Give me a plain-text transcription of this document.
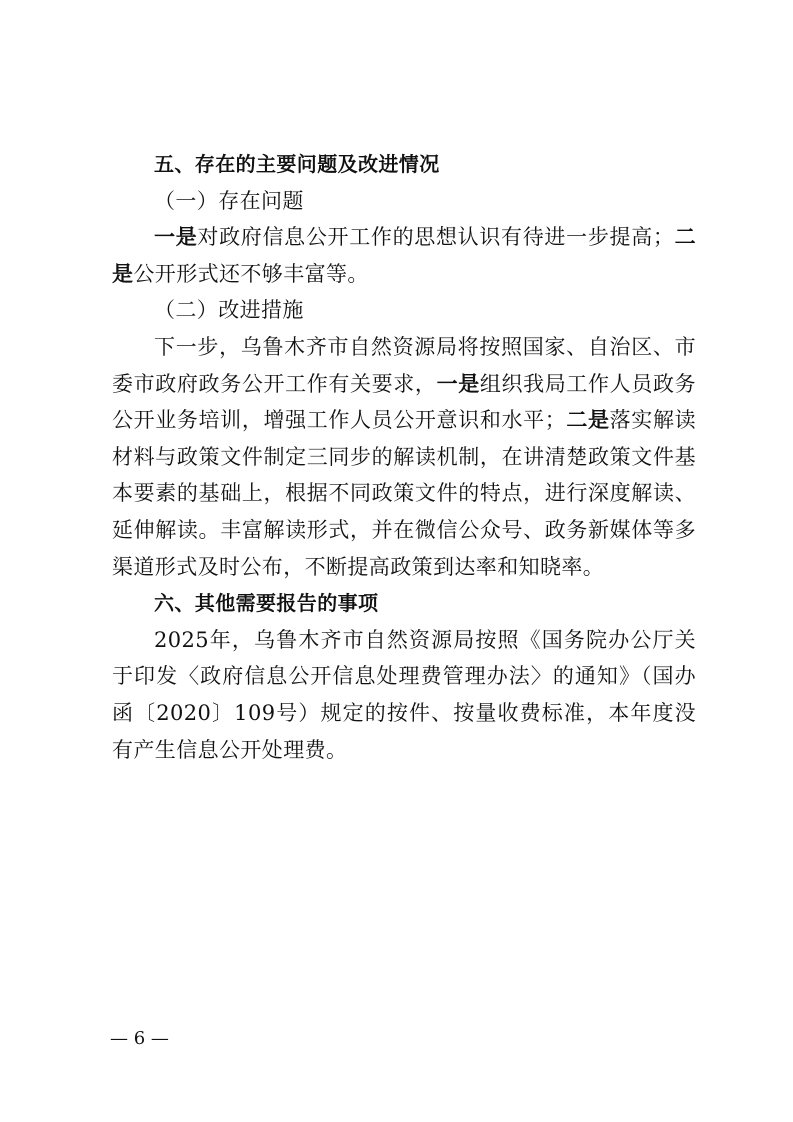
五、存在的主要问题及改进情况

（一）存在问题

一是对政府信息公开工作的思想认识有待进一步提高；二是公开形式还不够丰富等。

（二）改进措施

下一步，乌鲁木齐市自然资源局将按照国家、自治区、市委市政府政务公开工作有关要求，一是组织我局工作人员政务公开业务培训，增强工作人员公开意识和水平；二是落实解读材料与政策文件制定三同步的解读机制，在讲清楚政策文件基本要素的基础上，根据不同政策文件的特点，进行深度解读、延伸解读。丰富解读形式，并在微信公众号、政务新媒体等多渠道形式及时公布，不断提高政策到达率和知晓率。

六、其他需要报告的事项

2025年，乌鲁木齐市自然资源局按照《国务院办公厅关于印发〈政府信息公开信息处理费管理办法〉的通知》（国办函〔2020〕109号）规定的按件、按量收费标准，本年度没有产生信息公开处理费。

— 6 —
